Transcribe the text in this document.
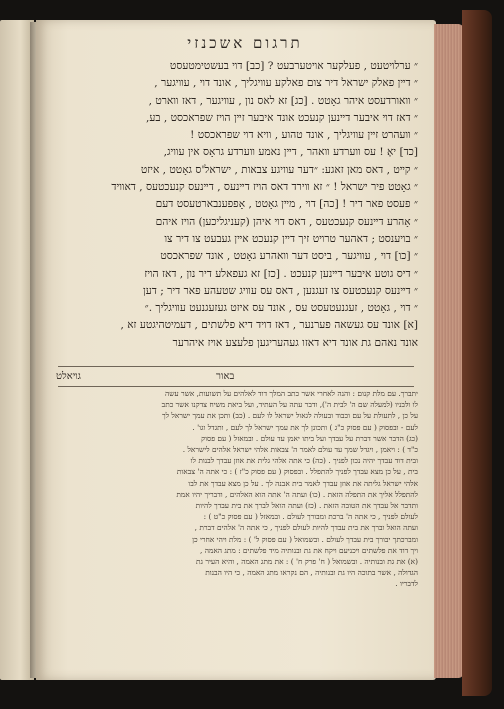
תרגום אשכנזי
״ ערלױטעט , פעלקער אױטערבעט ? [כב] דױ בעשטימטעסט
״ דײן פאלק ישראל דיר צום פאלקע עװיגליך , אונד דױ , עװיגער ,
״ װאורדעסט איהר גאָטט . [כג] זא לאס נון , עװיגער , דאז װארט ,
״ דאז דױ איבער דײנען קנעכט אונד איבער זײן הױז שפראכסט , בע,
״ װעהרט זײן עװיגליך , אונד טהוע , װיא דױ שפראכסט !
[כד] יאָ ! עס װערדע װאהר , דײן נאמע װערדע גראָס אין עװיג,
״ קײט , דאס מאן זאגע: ״דער עװיגע צבאות , ישראל'ס גאָטט , איזט
״ גאָטט פיר ישראל ! ״ זא װירד דאס הױז דײנעס , דײנעס קנעכטעס , דאװיד
״ פעסט פאר דיר ! [כה] דױ , מײן גאָטט , אָפפענבארטעסט דעם
״ אָהרע דײנעס קנעכטעס , דאס דױ איהן (קעניגליכען) הױז איהם
״ בױענסט ; דאהער טרױט זיך דײן קנעכט אײן געבעט צו דיר צו
״ [כו] דױ , עװיגער , ביסט דער װאהרע גאָטט , אונד שפראכסט
״ דיס גוטע איבער דײנען קנעכט . [כז] זא געפאלע דיר נון , דאז הױז
״ דײנעס קנעכטעס צו זעגנען , דאס עס עװיג שטעהע פאר דיר ; דען
״ דױ , גאָטט , זעגנעטעסט עס , אונד עס איזט געזעגנעט עװיגליך .״
[א] אונד עס געשאה פערנער , דאז דױד דיא פלשתים , דעמיטהיגטע זא ,
אונד נאהם גת אונד דיא דאזו געהעריגען פלעצע אױז איהרער
גױאלט	באור
יתברך. עם מלת קנום : והנה לאחרי אשר כתב המלך דוד לאלהים על תשועות, אשר עשה
לו ולבניו (למעלה שם ה' לבית ה'), ודבר עתה על העתיד, ועל ביאת משיח צדקנו אשר כתב
על כן , לתעולת על עם וכבוד ובעולה לגאול ישראל לו לעם . (כב) ותכן את עמך ישראל לך
לעם - ובפסוק ( עם פסוק כ"ג ) ותכונן לך את עמך ישראל לך לעם , ותגדל וגו' .
(כג) הדבר אשר דברת על עבדך ועל ביתו יאמן עד עולם . ובמאזל ( עם פסוק
כ"ד ) : ויאמן , ויגדל שמך עד עולם לאמר ה' צבאות אלהי ישראל אלהים לישראל .
ובית דוד עבדך יהיה נכון לפניך . (כה) כי אתה אלהי גלית את אוזן עבדך לבנות לו
בית , על כן מצא עבדך לפניך להתפלל . ובפסוק ( עם פסוק כ"ז ) : כי אתה ה' צבאות
אלהי ישראל גליתה את אוזן עבדך לאמר בית אבנה לך . על כן מצא עבדך את לבו
להתפלל אליך את התפלה הזאת . (כו) ועתה ה' אתה הוא האלהים , ודבריך יהיו אמת
ותדבר אל עבדך את הטובה הזאת . (כז) ועתה הואל לברך את בית עבדך להיות
לעולם לפניך , כי אתה ה' ברכת ומבורך לעולם . ובמאזל ( עם פסוק כ"ט ) :
ועתה הואל וברך את בית עבדך להיות לעולם לפניך , כי אתה ה' אלהים דברת ,
ומברכתך יבורך בית עבדך לעולם . ובשמואל ( עם פסוק ל' ) : מלת ויהי אחרי כן
ויך דוד את פלשתים ויכניעם ויקח את גת ובנותיה מיד פלשתים : מתג האמה ,
(א) את גת ובנותיה . ובשמואל ( ח' פרק ח' ) : את מתג האמה , והיא העיר גת
הגדולה , אשר בתוכה היו גת ובנותיה , הם נקראו מתג האמה , כי היו הבנות
לדבריו .
